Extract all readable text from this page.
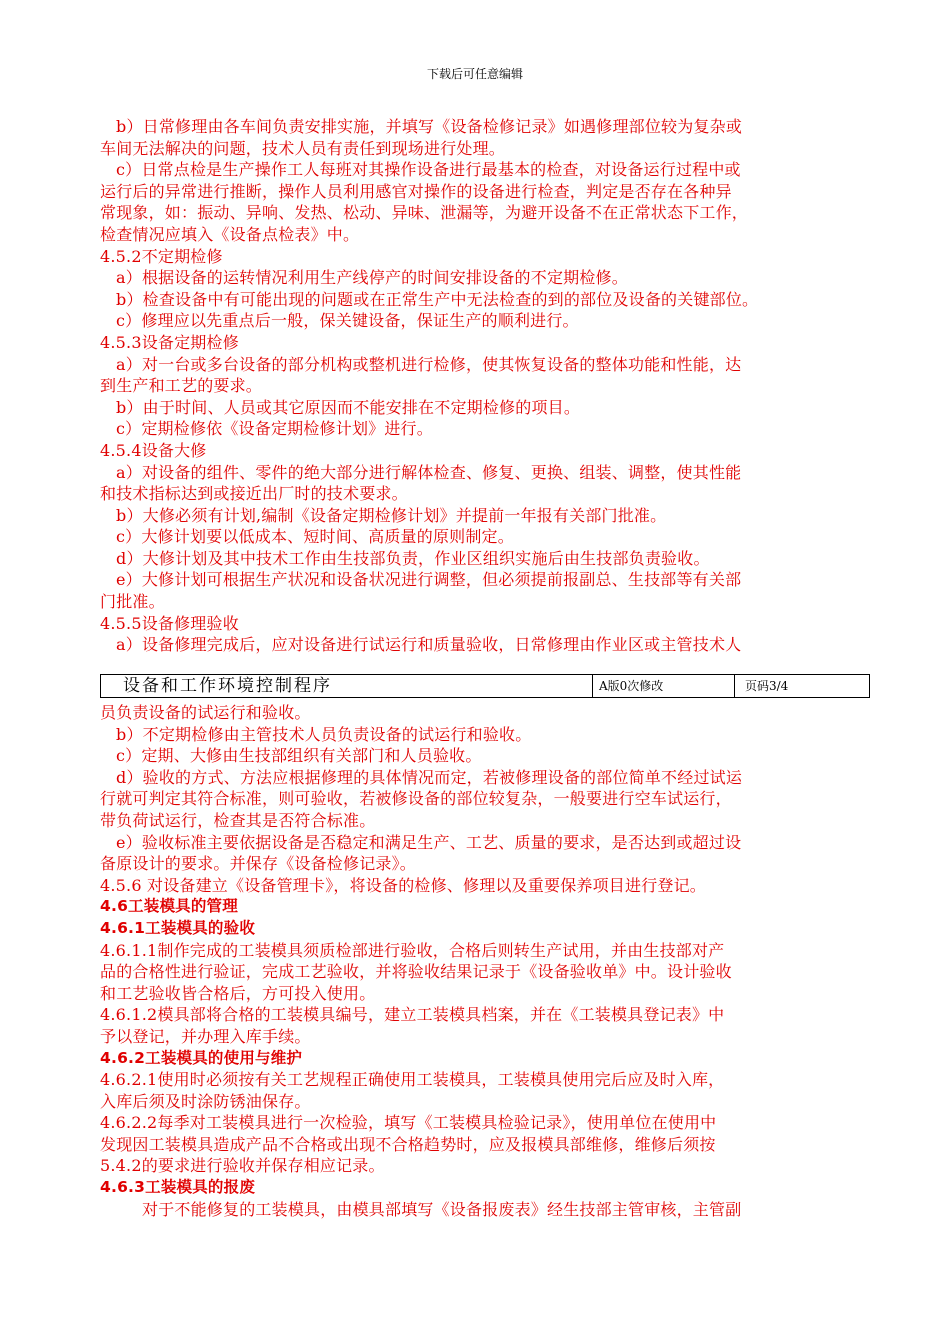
下载后可任意编辑
b）日常修理由各车间负责安排实施，并填写《设备检修记录》如遇修理部位较为复杂或
车间无法解决的问题，技术人员有责任到现场进行处理。
c）日常点检是生产操作工人每班对其操作设备进行最基本的检查，对设备运行过程中或
运行后的异常进行推断，操作人员利用感官对操作的设备进行检查，判定是否存在各种异
常现象，如：振动、异响、发热、松动、异味、泄漏等，为避开设备不在正常状态下工作，
检查情况应填入《设备点检表》中。
4.5.2不定期检修
a）根据设备的运转情况利用生产线停产的时间安排设备的不定期检修。
b）检查设备中有可能出现的问题或在正常生产中无法检查的到的部位及设备的关键部位。
c）修理应以先重点后一般，保关键设备，保证生产的顺利进行。
4.5.3设备定期检修
a）对一台或多台设备的部分机构或整机进行检修，使其恢复设备的整体功能和性能，达
到生产和工艺的要求。
b）由于时间、人员或其它原因而不能安排在不定期检修的项目。
c）定期检修依《设备定期检修计划》进行。
4.5.4设备大修
a）对设备的组件、零件的绝大部分进行解体检查、修复、更换、组装、调整，使其性能
和技术指标达到或接近出厂时的技术要求。
b）大修必须有计划,编制《设备定期检修计划》并提前一年报有关部门批准。
c）大修计划要以低成本、短时间、高质量的原则制定。
d）大修计划及其中技术工作由生技部负责，作业区组织实施后由生技部负责验收。
e）大修计划可根据生产状况和设备状况进行调整，但必须提前报副总、生技部等有关部
门批准。
4.5.5设备修理验收
a）设备修理完成后，应对设备进行试运行和质量验收，日常修理由作业区或主管技术人
设备和工作环境控制程序	A版0次修改	页码3/4
员负责设备的试运行和验收。
b）不定期检修由主管技术人员负责设备的试运行和验收。
c）定期、大修由生技部组织有关部门和人员验收。
d）验收的方式、方法应根据修理的具体情况而定，若被修理设备的部位简单不经过试运
行就可判定其符合标准，则可验收，若被修设备的部位较复杂，一般要进行空车试运行，
带负荷试运行，检查其是否符合标准。
e）验收标准主要依据设备是否稳定和满足生产、工艺、质量的要求，是否达到或超过设
备原设计的要求。并保存《设备检修记录》。
4.5.6 对设备建立《设备管理卡》，将设备的检修、修理以及重要保养项目进行登记。
4.6工装模具的管理
4.6.1工装模具的验收
4.6.1.1制作完成的工装模具须质检部进行验收，合格后则转生产试用，并由生技部对产
品的合格性进行验证，完成工艺验收，并将验收结果记录于《设备验收单》中。设计验收
和工艺验收皆合格后，方可投入使用。
4.6.1.2模具部将合格的工装模具编号，建立工装模具档案，并在《工装模具登记表》中
予以登记，并办理入库手续。
4.6.2工装模具的使用与维护
4.6.2.1使用时必须按有关工艺规程正确使用工装模具，工装模具使用完后应及时入库，
入库后须及时涂防锈油保存。
4.6.2.2每季对工装模具进行一次检验，填写《工装模具检验记录》，使用单位在使用中
发现因工装模具造成产品不合格或出现不合格趋势时，应及报模具部维修，维修后须按
5.4.2的要求进行验收并保存相应记录。
4.6.3工装模具的报废
对于不能修复的工装模具，由模具部填写《设备报废表》经生技部主管审核，主管副
